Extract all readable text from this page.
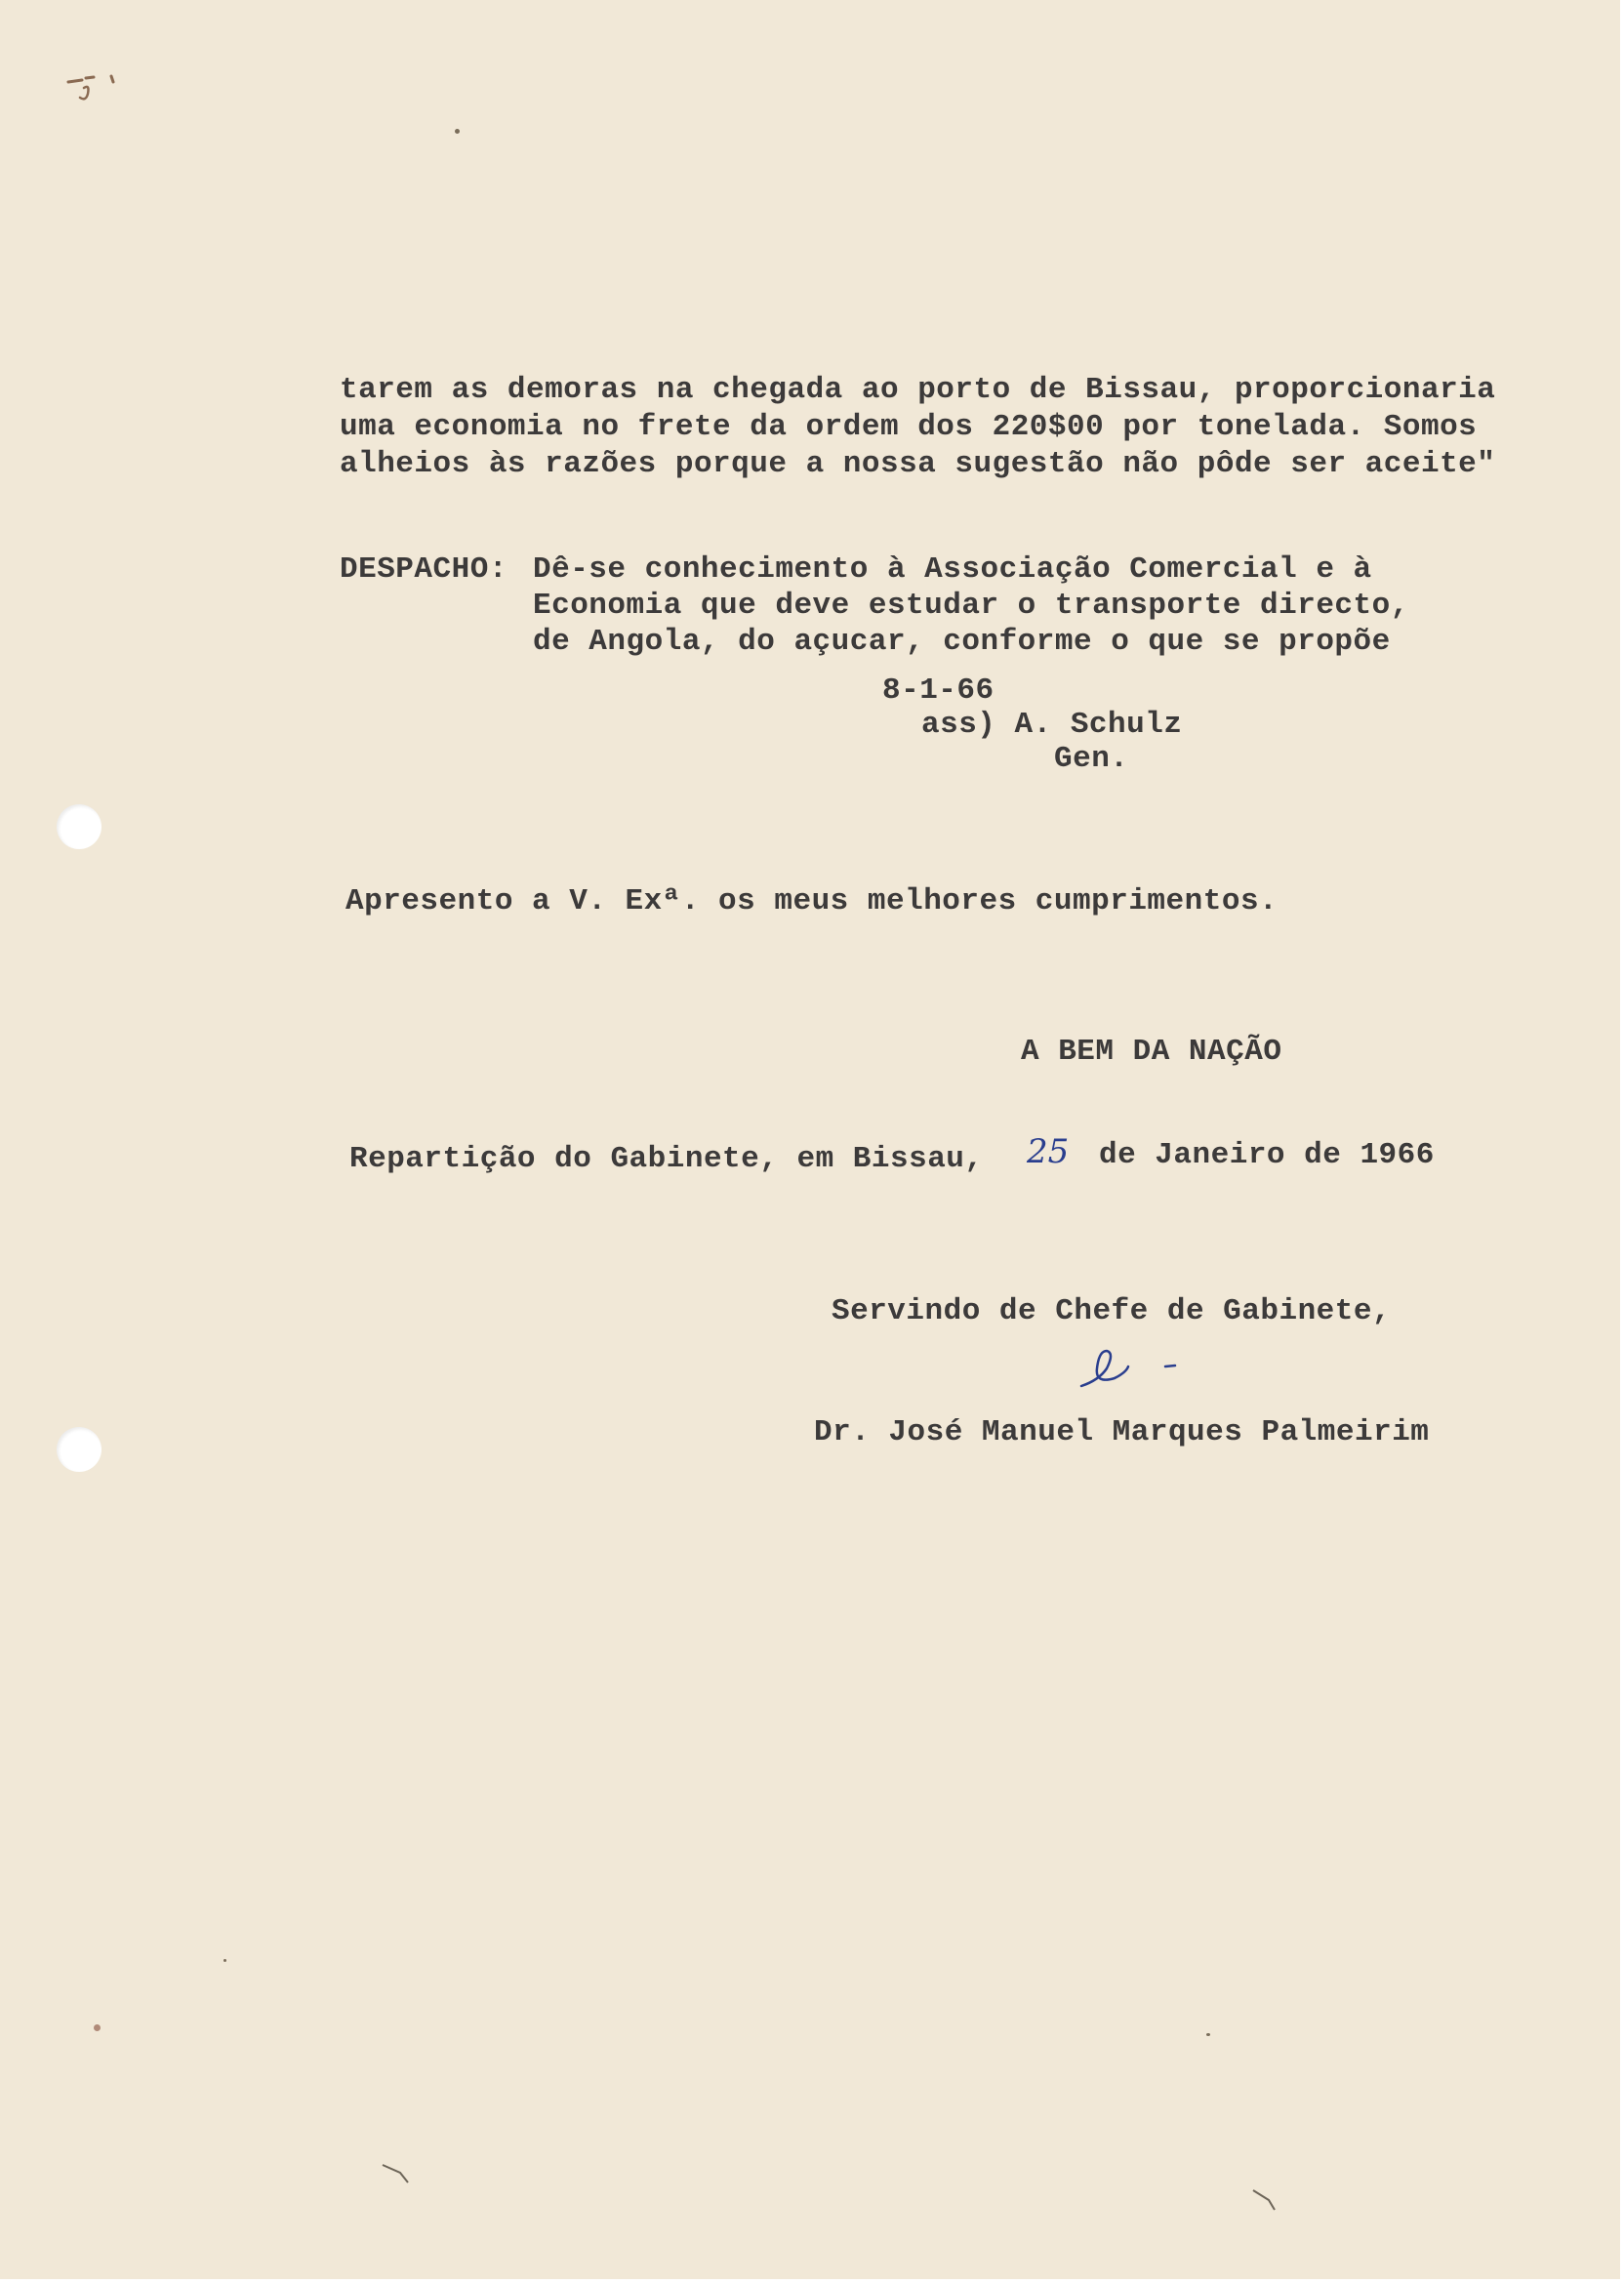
tarem as demoras na chegada ao porto de Bissau, proporcionaria
uma economia no frete da ordem dos 220$00 por tonelada. Somos
alheios às razões porque a nossa sugestão não pôde ser aceite"
DESPACHO: Dê-se conhecimento à Associação Comercial e à
Economia que deve estudar o transporte directo,
de Angola, do açucar, conforme o que se propõe
8-1-66
ass) A. Schulz
Gen.
Apresento a V. Exª. os meus melhores cumprimentos.
A BEM DA NAÇÃO
Repartição do Gabinete, em Bissau, 25 de Janeiro de 1966
Servindo de Chefe de Gabinete,
Dr. José Manuel Marques Palmeirim
